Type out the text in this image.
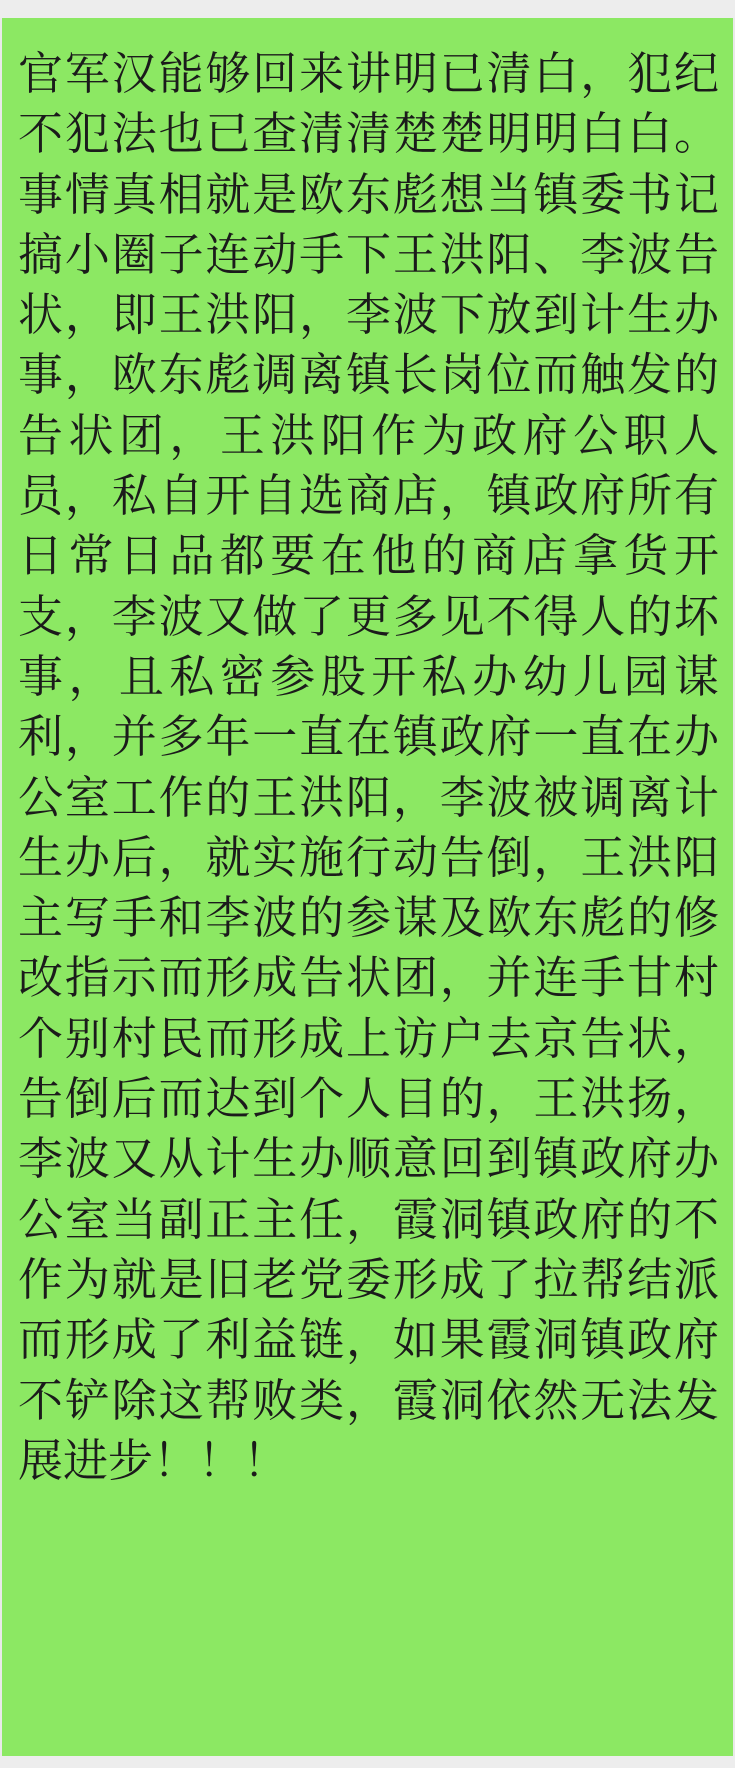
官军汉能够回来讲明已清白，犯纪不犯法也已查清清楚楚明明白白。事情真相就是欧东彪想当镇委书记搞小圈子连动手下王洪阳、李波告状，即王洪阳，李波下放到计生办事，欧东彪调离镇长岗位而触发的告状团，王洪阳作为政府公职人员，私自开自选商店，镇政府所有日常日品都要在他的商店拿货开支，李波又做了更多见不得人的坏事，且私密参股开私办幼儿园谋利，并多年一直在镇政府一直在办公室工作的王洪阳，李波被调离计生办后，就实施行动告倒，王洪阳主写手和李波的参谋及欧东彪的修改指示而形成告状团，并连手甘村个别村民而形成上访户去京告状，告倒后而达到个人目的，王洪扬，李波又从计生办顺意回到镇政府办公室当副正主任，霞洞镇政府的不作为就是旧老党委形成了拉帮结派而形成了利益链，如果霞洞镇政府不铲除这帮败类，霞洞依然无法发展进步！！！
